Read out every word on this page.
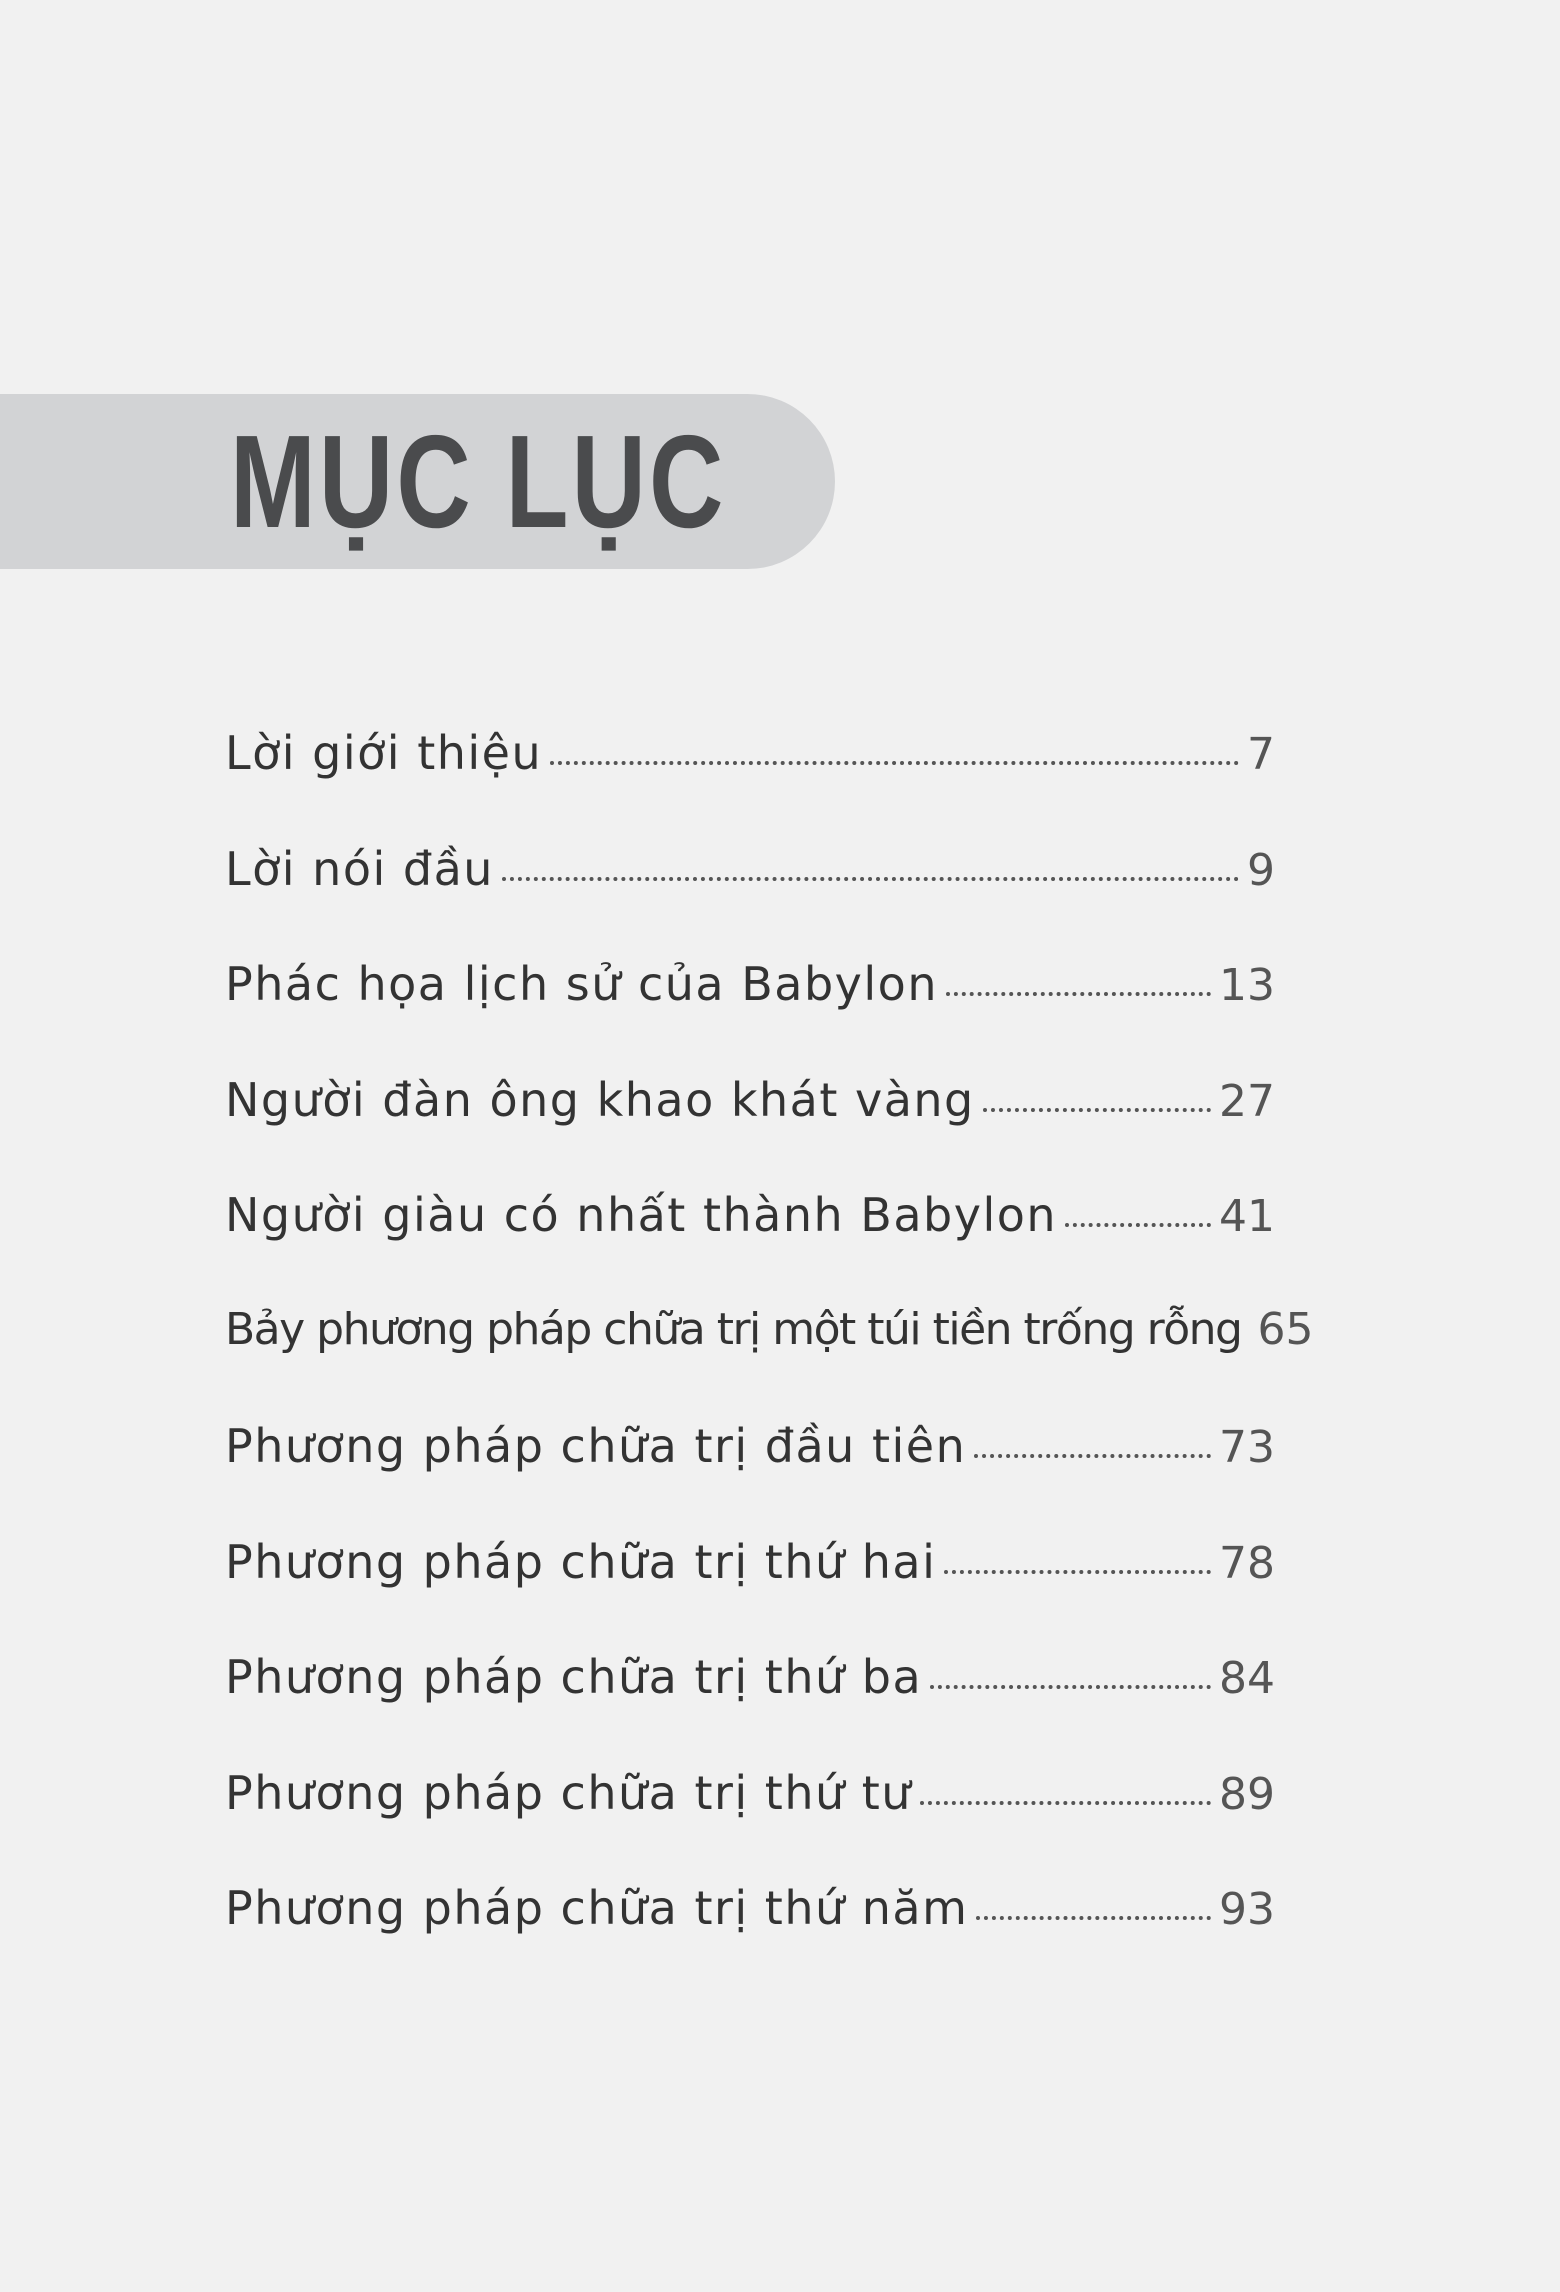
MỤC LỤC
Lời giới thiệu	7
Lời nói đầu	9
Phác họa lịch sử của Babylon	13
Người đàn ông khao khát vàng	27
Người giàu có nhất thành Babylon	41
Bảy phương pháp chữa trị một túi tiền trống rỗng 65
Phương pháp chữa trị đầu tiên	73
Phương pháp chữa trị thứ hai	78
Phương pháp chữa trị thứ ba	84
Phương pháp chữa trị thứ tư	89
Phương pháp chữa trị thứ năm	93
